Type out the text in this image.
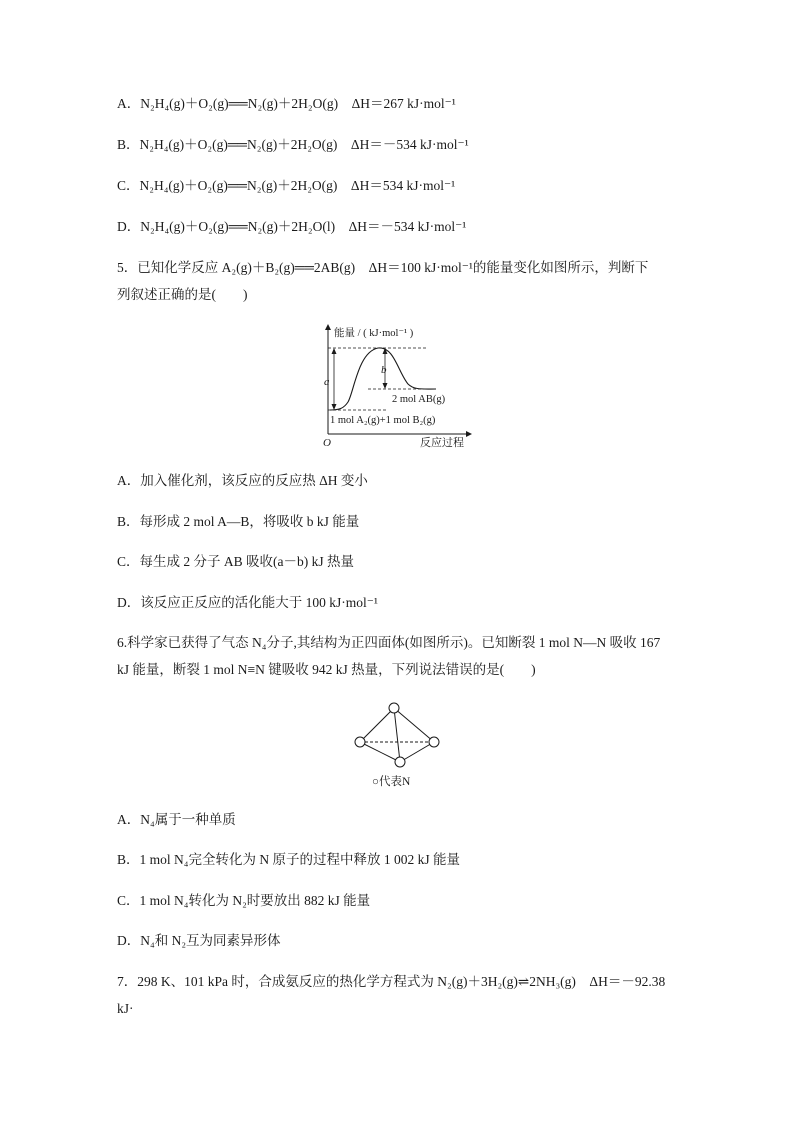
A．N₂H₄(g)＋O₂(g)══N₂(g)＋2H₂O(g) ΔH＝267 kJ·mol⁻¹
B．N₂H₄(g)＋O₂(g)══N₂(g)＋2H₂O(g) ΔH＝－534 kJ·mol⁻¹
C．N₂H₄(g)＋O₂(g)══N₂(g)＋2H₂O(g) ΔH＝534 kJ·mol⁻¹
D．N₂H₄(g)＋O₂(g)══N₂(g)＋2H₂O(l) ΔH＝－534 kJ·mol⁻¹
5．已知化学反应 A₂(g)＋B₂(g)══2AB(g)　ΔH＝100 kJ·mol⁻¹的能量变化如图所示，判断下
列叙述正确的是(　　)
能量 / ( kJ·mol⁻¹ )
a
b
2 mol AB(g)
1 mol A₂(g)+1 mol B₂(g)
O	反应过程
A．加入催化剂，该反应的反应热 ΔH 变小
B．每形成 2 mol A—B，将吸收 b kJ 能量
C．每生成 2 分子 AB 吸收(a－b) kJ 热量
D．该反应正反应的活化能大于 100 kJ·mol⁻¹
6.科学家已获得了气态 N₄分子,其结构为正四面体(如图所示)。已知断裂 1 mol N—N 吸收 167
kJ 能量，断裂 1 mol N≡N 键吸收 942 kJ 热量，下列说法错误的是(　　)
○代表N
A．N₄属于一种单质
B．1 mol N₄完全转化为 N 原子的过程中释放 1 002 kJ 能量
C．1 mol N₄转化为 N₂时要放出 882 kJ 能量
D．N₄和 N₂互为同素异形体
7．298 K、101 kPa 时，合成氨反应的热化学方程式为 N₂(g)＋3H₂(g)⇌2NH₃(g)　ΔH＝－92.38
kJ·
